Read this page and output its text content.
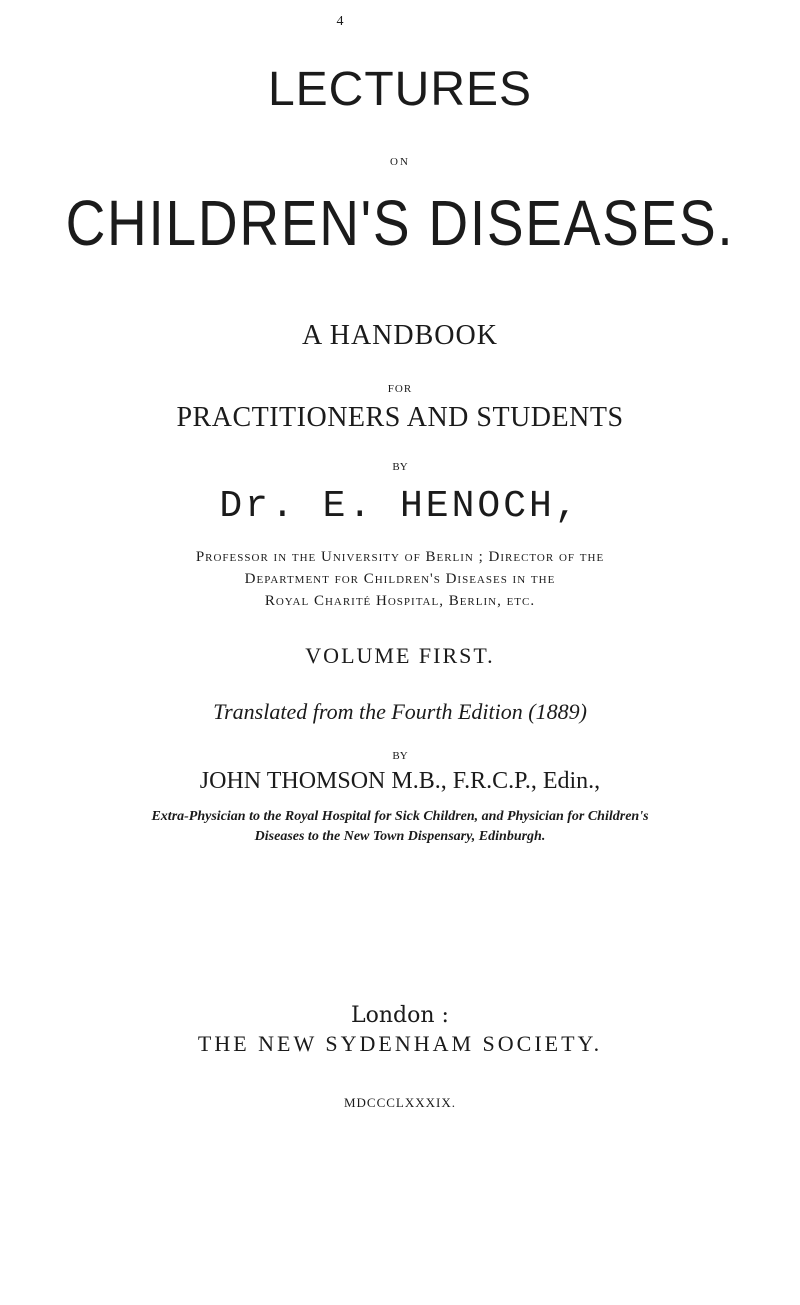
4
LECTURES
ON
CHILDREN'S DISEASES.
A HANDBOOK
FOR
PRACTITIONERS AND STUDENTS
BY
Dr. E. HENOCH,
Professor in the University of Berlin ; Director of the
Department for Children's Diseases in the
Royal Charité Hospital, Berlin, etc.
VOLUME FIRST.
Translated from the Fourth Edition (1889)
BY
JOHN THOMSON M.B., F.R.C.P., Edin.,
Extra-Physician to the Royal Hospital for Sick Children, and Physician for Children's
Diseases to the New Town Dispensary, Edinburgh.
London :
THE NEW SYDENHAM SOCIETY.
MDCCCLXXXIX.
